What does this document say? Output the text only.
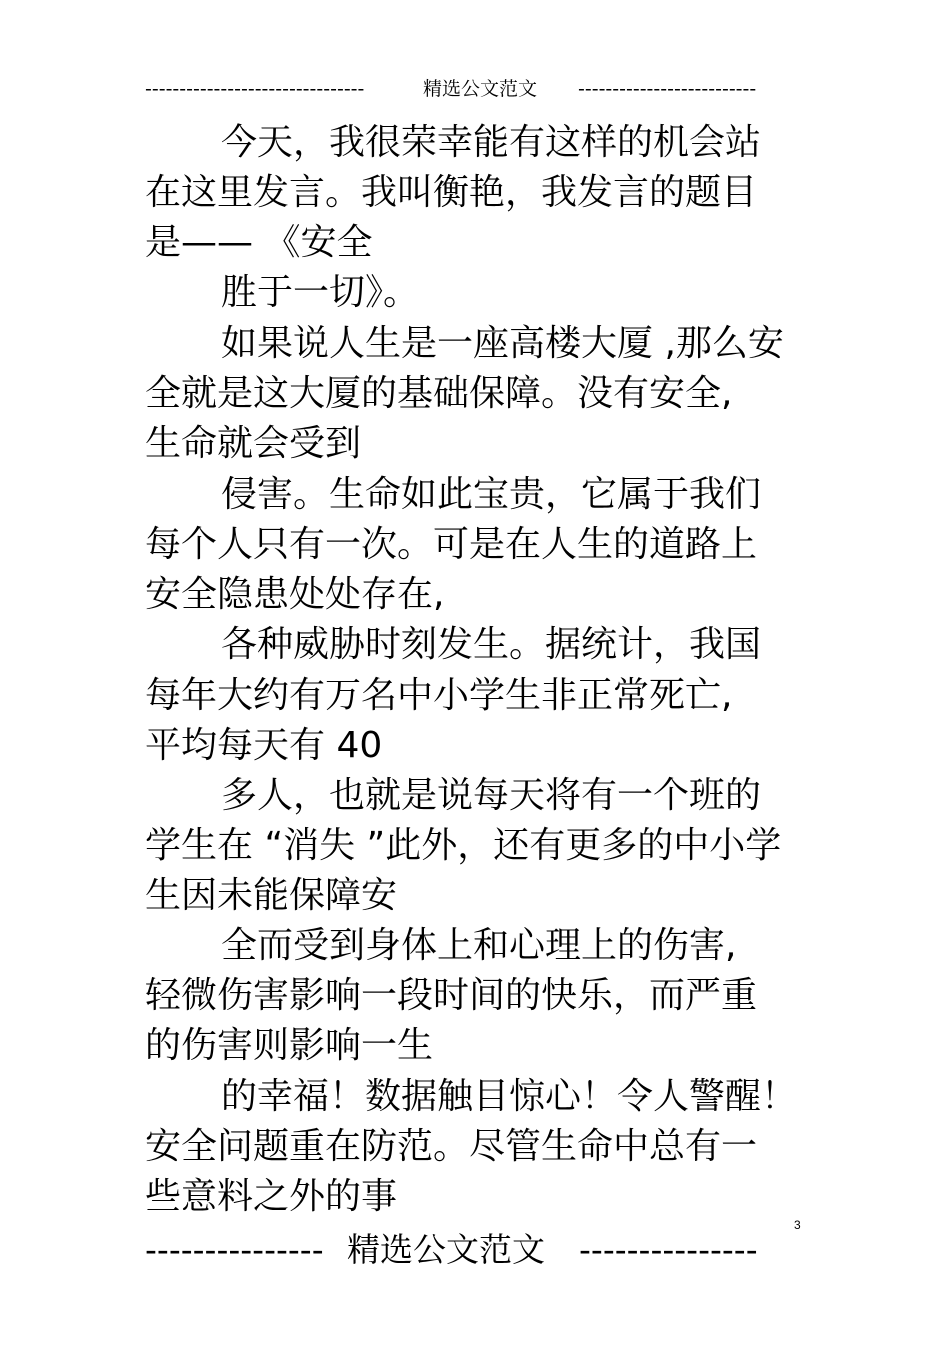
--------------------------------	精选公文范文 --------------------------
今天，我很荣幸能有这样的机会站
在这里发言。我叫衡艳，我发言的题目
是—— 《安全
胜于一切》。
如果说人生是一座高楼大厦 ,那么安
全就是这大厦的基础保障。没有安全,
生命就会受到
侵害。生命如此宝贵，它属于我们
每个人只有一次。可是在人生的道路上
安全隐患处处存在,
各种威胁时刻发生。据统计，我国
每年大约有万名中小学生非正常死亡,
平均每天有 40
多人，也就是说每天将有一个班的
学生在 “消失 ”此外，还有更多的中小学
生因未能保障安
全而受到身体上和心理上的伤害,
轻微伤害影响一段时间的快乐，而严重
的伤害则影响一生
的幸福！数据触目惊心！令人警醒！
安全问题重在防范。尽管生命中总有一
些意料之外的事
3
--------------- 精选公文范文 ---------------
